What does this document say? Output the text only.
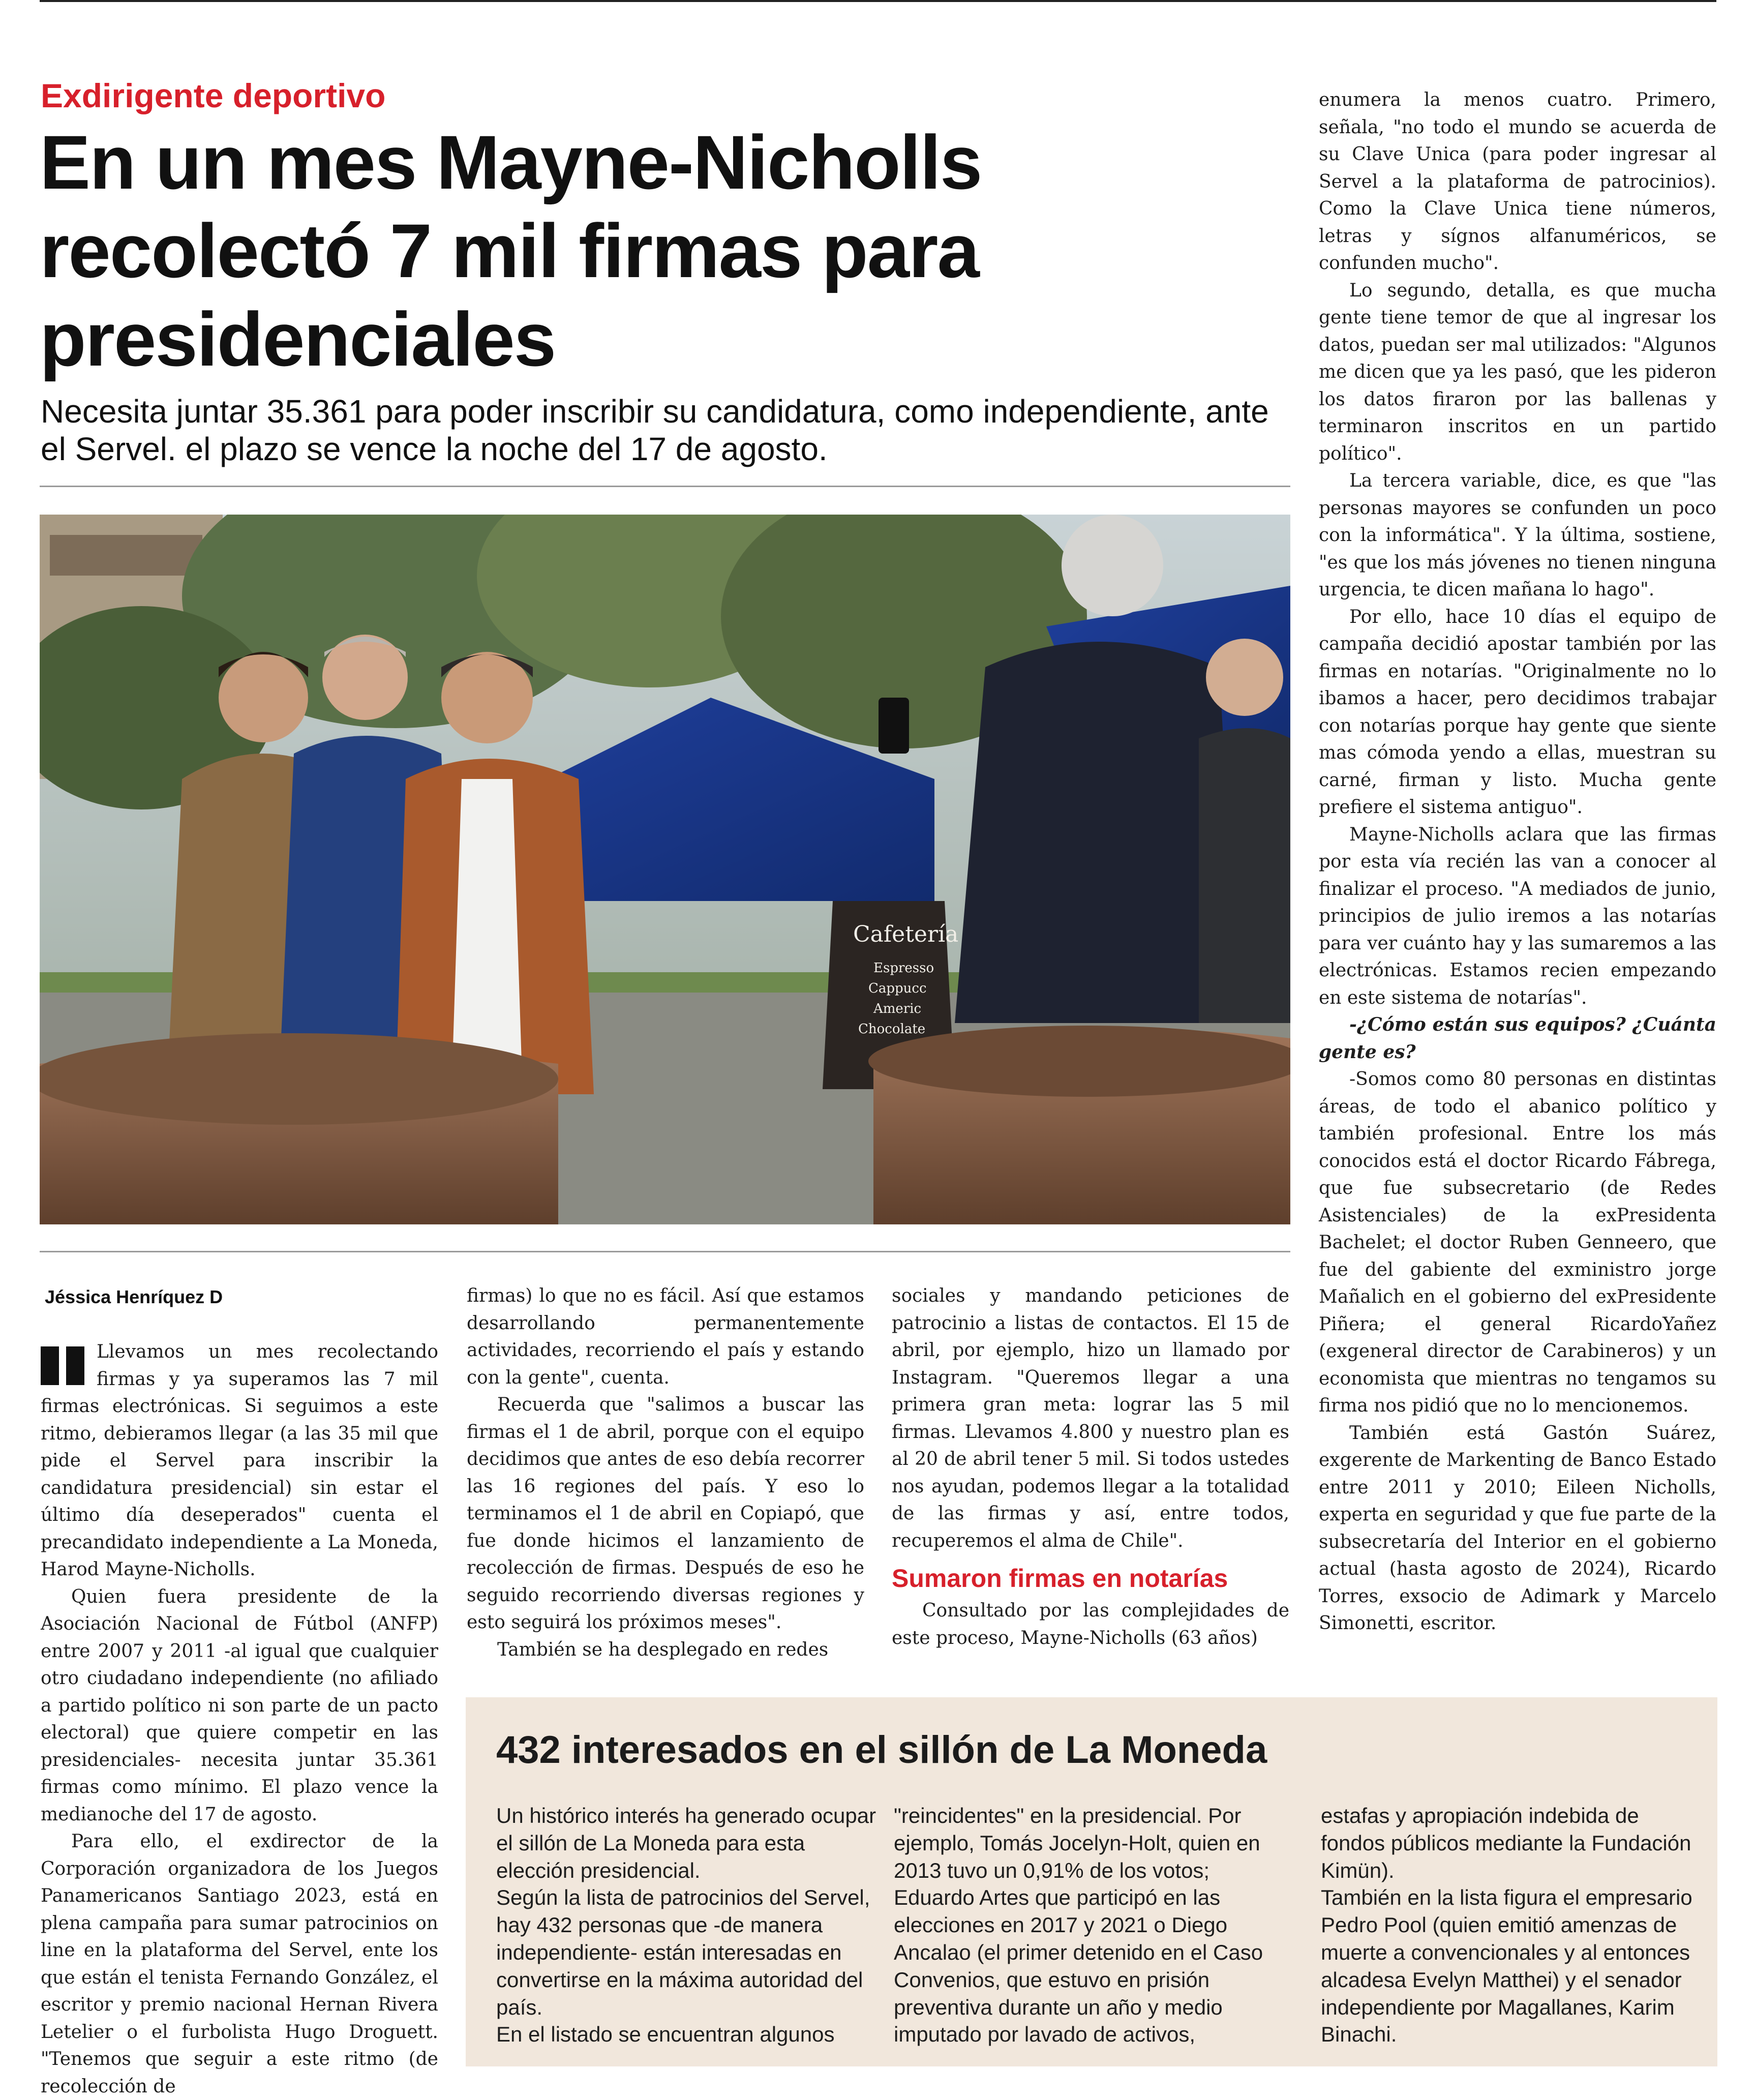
Exdirigente deportivo
En un mes Mayne-Nicholls recolectó 7 mil firmas para presidenciales

Necesita juntar 35.361 para poder inscribir su candidatura, como independiente, ante el Servel. el plazo se vence la noche del 17 de agosto.

Cafetería
Espresso
Cappucc
Americ
Chocolate

Jéssica Henríquez D

Llevamos un mes recolectando firmas y ya superamos las 7 mil firmas electrónicas. Si seguimos a este ritmo, debieramos llegar (a las 35 mil que pide el Servel para inscribir la candidatura presidencial) sin estar el último día deseperados" cuenta el precandidato independiente a La Moneda, Harod Mayne-Nicholls.

Quien fuera presidente de la Asociación Nacional de Fútbol (ANFP) entre 2007 y 2011 -al igual que cualquier otro ciudadano independiente (no afiliado a partido político ni son parte de un pacto electoral) que quiere competir en las presidenciales- necesita juntar 35.361 firmas como mínimo. El plazo vence la medianoche del 17 de agosto.

Para ello, el exdirector de la Corporación organizadora de los Juegos Panamericanos Santiago 2023, está en plena campaña para sumar patrocinios on line en la plataforma del Servel, ente los que están el tenista Fernando González, el escritor y premio nacional Hernan Rivera Letelier o el furbolista Hugo Droguett. "Tenemos que seguir a este ritmo (de recolección de

firmas) lo que no es fácil. Así que estamos desarrollando permanentemente actividades, recorriendo el país y estando con la gente", cuenta.

Recuerda que "salimos a buscar las firmas el 1 de abril, porque con el equipo decidimos que antes de eso debía recorrer las 16 regiones del país. Y eso lo terminamos el 1 de abril en Copiapó, que fue donde hicimos el lanzamiento de recolección de firmas. Después de eso he seguido recorriendo diversas regiones y esto seguirá los próximos meses".

También se ha desplegado en redes

sociales y mandando peticiones de patrocinio a listas de contactos. El 15 de abril, por ejemplo, hizo un llamado por Instagram. "Queremos llegar a una primera gran meta: lograr las 5 mil firmas. Llevamos 4.800 y nuestro plan es al 20 de abril tener 5 mil. Si todos ustedes nos ayudan, podemos llegar a la totalidad de las firmas y así, entre todos, recuperemos el alma de Chile".

Sumaron firmas en notarías

Consultado por las complejidades de este proceso, Mayne-Nicholls (63 años)

enumera la menos cuatro. Primero, señala, "no todo el mundo se acuerda de su Clave Unica (para poder ingresar al Servel a la plataforma de patrocinios). Como la Clave Unica tiene números, letras y sígnos alfanuméricos, se confunden mucho".

Lo segundo, detalla, es que mucha gente tiene temor de que al ingresar los datos, puedan ser mal utilizados: "Algunos me dicen que ya les pasó, que les pideron los datos firaron por las ballenas y terminaron inscritos en un partido político".

La tercera variable, dice, es que "las personas mayores se confunden un poco con la informática". Y la última, sostiene, "es que los más jóvenes no tienen ninguna urgencia, te dicen mañana lo hago".

Por ello, hace 10 días el equipo de campaña decidió apostar también por las firmas en notarías. "Originalmente no lo ibamos a hacer, pero decidimos trabajar con notarías porque hay gente que siente mas cómoda yendo a ellas, muestran su carné, firman y listo. Mucha gente prefiere el sistema antiguo".

Mayne-Nicholls aclara que las firmas por esta vía recién las van a conocer al finalizar el proceso. "A mediados de junio, principios de julio iremos a las notarías para ver cuánto hay y las sumaremos a las electrónicas. Estamos recien empezando en este sistema de notarías".

-¿Cómo están sus equipos? ¿Cuánta gente es?

-Somos como 80 personas en distintas áreas, de todo el abanico político y también profesional. Entre los más conocidos está el doctor Ricardo Fábrega, que fue subsecretario (de Redes Asistenciales) de la exPresidenta Bachelet; el doctor Ruben Genneero, que fue del gabiente del exministro jorge Mañalich en el gobierno del exPresidente Piñera; el general RicardoYañez (exgeneral director de Carabineros) y un economista que mientras no tengamos su firma nos pidió que no lo mencionemos.

También está Gastón Suárez, exgerente de Markenting de Banco Estado entre 2011 y 2010; Eileen Nicholls, experta en seguridad y que fue parte de la subsecretaría del Interior en el gobierno actual (hasta agosto de 2024), Ricardo Torres, exsocio de Adimark y Marcelo Simonetti, escritor.

432 interesados en el sillón de La Moneda

Un histórico interés ha generado ocupar el sillón de La Moneda para esta elección presidencial.

Según la lista de patrocinios del Servel, hay 432 personas que -de manera independiente- están interesadas en convertirse en la máxima autoridad del país.

En el listado se encuentran algunos

"reincidentes" en la presidencial. Por ejemplo, Tomás Jocelyn-Holt, quien en 2013 tuvo un 0,91% de los votos; Eduardo Artes que participó en las elecciones en 2017 y 2021 o Diego Ancalao (el primer detenido en el Caso Convenios, que estuvo en prisión preventiva durante un año y medio imputado por lavado de activos,

estafas y apropiación indebida de fondos públicos mediante la Fundación Kimün).

También en la lista figura el empresario Pedro Pool (quien emitió amenzas de muerte a convencionales y al entonces alcadesa Evelyn Matthei) y el senador independiente por Magallanes, Karim Binachi.
